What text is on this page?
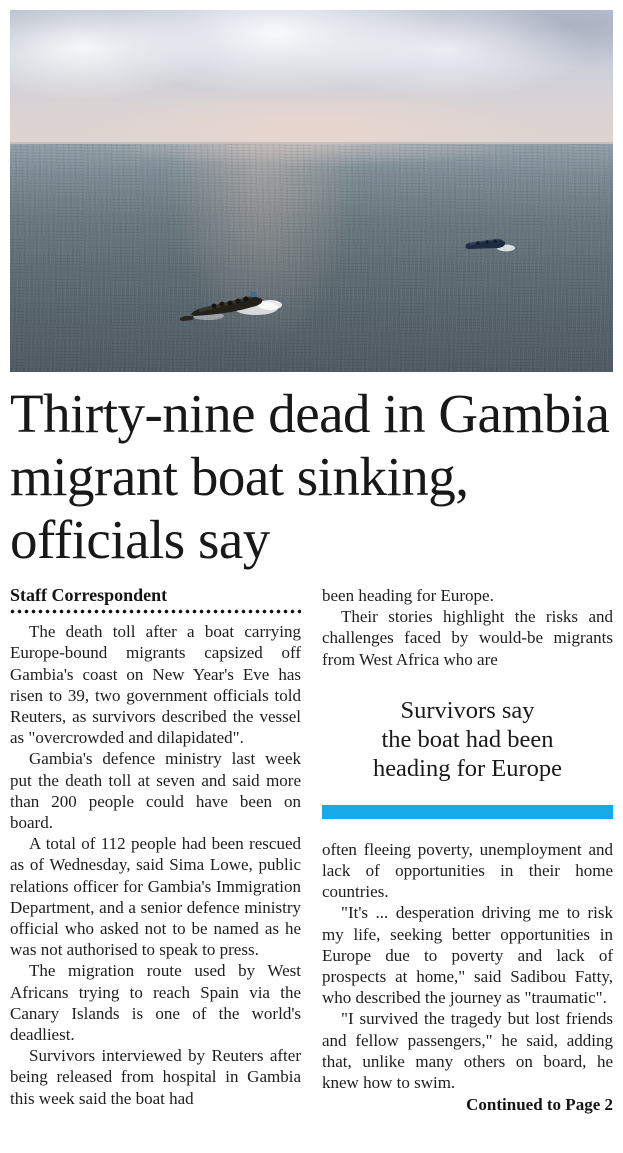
Thirty-nine dead in Gambia migrant boat sinking, officials say
Staff Correspondent

The death toll after a boat carrying Europe-bound migrants capsized off Gambia's coast on New Year's Eve has risen to 39, two government officials told Reuters, as survivors described the vessel as "overcrowded and dilapidated".

Gambia's defence ministry last week put the death toll at seven and said more than 200 people could have been on board.

A total of 112 people had been rescued as of Wednesday, said Sima Lowe, public relations officer for Gambia's Immigration Department, and a senior defence ministry official who asked not to be named as he was not authorised to speak to press.

The migration route used by West Africans trying to reach Spain via the Canary Islands is one of the world's deadliest.

Survivors interviewed by Reuters after being released from hospital in Gambia this week said the boat had

been heading for Europe.

Their stories highlight the risks and challenges faced by would-be migrants from West Africa who are

Survivors say
the boat had been
heading for Europe

often fleeing poverty, unemployment and lack of opportunities in their home countries.

"It's ... desperation driving me to risk my life, seeking better opportunities in Europe due to poverty and lack of prospects at home," said Sadibou Fatty, who described the journey as "traumatic".

"I survived the tragedy but lost friends and fellow passengers," he said, adding that, unlike many others on board, he knew how to swim.

Continued to Page 2
